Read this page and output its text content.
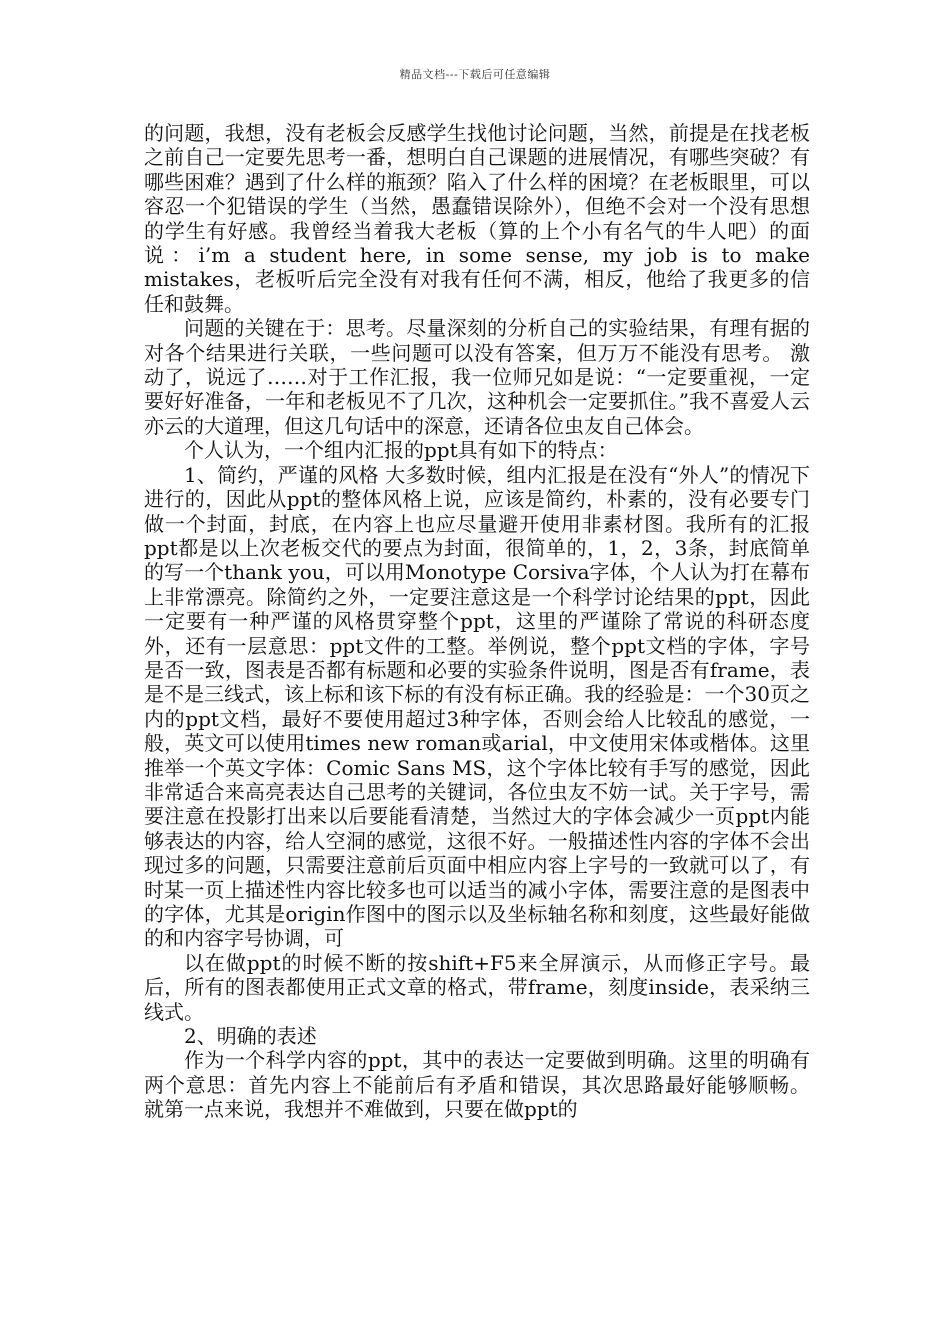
精品文档---下载后可任意编辑

的问题，我想，没有老板会反感学生找他讨论问题，当然，前提是在找老板之前自己一定要先思考一番，想明白自己课题的进展情况，有哪些突破？有哪些困难？遇到了什么样的瓶颈？陷入了什么样的困境？在老板眼里，可以容忍一个犯错误的学生（当然，愚蠢错误除外），但绝不会对一个没有思想的学生有好感。我曾经当着我大老板（算的上个小有名气的牛人吧）的面说：i’m a student here, in some sense, my job is to make mistakes，老板听后完全没有对我有任何不满，相反，他给了我更多的信任和鼓舞。

问题的关键在于：思考。尽量深刻的分析自己的实验结果，有理有据的对各个结果进行关联，一些问题可以没有答案，但万万不能没有思考。 激动了，说远了……对于工作汇报，我一位师兄如是说：“一定要重视，一定要好好准备，一年和老板见不了几次，这种机会一定要抓住。”我不喜爱人云亦云的大道理，但这几句话中的深意，还请各位虫友自己体会。

个人认为，一个组内汇报的ppt具有如下的特点：

1、简约，严谨的风格 大多数时候，组内汇报是在没有“外人”的情况下进行的，因此从ppt的整体风格上说，应该是简约，朴素的，没有必要专门做一个封面，封底，在内容上也应尽量避开使用非素材图。我所有的汇报ppt都是以上次老板交代的要点为封面，很简单的，1，2，3条，封底简单的写一个thank you，可以用Monotype Corsiva字体，个人认为打在幕布上非常漂亮。除简约之外，一定要注意这是一个科学讨论结果的ppt，因此一定要有一种严谨的风格贯穿整个ppt，这里的严谨除了常说的科研态度外，还有一层意思：ppt文件的工整。举例说，整个ppt文档的字体，字号是否一致，图表是否都有标题和必要的实验条件说明，图是否有frame，表是不是三线式，该上标和该下标的有没有标正确。我的经验是：一个30页之内的ppt文档，最好不要使用超过3种字体，否则会给人比较乱的感觉，一般，英文可以使用times new roman或arial，中文使用宋体或楷体。这里推举一个英文字体：Comic Sans MS，这个字体比较有手写的感觉，因此非常适合来高亮表达自己思考的关键词，各位虫友不妨一试。关于字号，需要注意在投影打出来以后要能看清楚，当然过大的字体会减少一页ppt内能够表达的内容，给人空洞的感觉，这很不好。一般描述性内容的字体不会出现过多的问题，只需要注意前后页面中相应内容上字号的一致就可以了，有时某一页上描述性内容比较多也可以适当的减小字体，需要注意的是图表中的字体，尤其是origin作图中的图示以及坐标轴名称和刻度，这些最好能做的和内容字号协调，可

以在做ppt的时候不断的按shift+F5来全屏演示，从而修正字号。最后，所有的图表都使用正式文章的格式，带frame，刻度inside，表采纳三线式。

2、明确的表述

作为一个科学内容的ppt，其中的表达一定要做到明确。这里的明确有两个意思：首先内容上不能前后有矛盾和错误，其次思路最好能够顺畅。 就第一点来说，我想并不难做到，只要在做ppt的
